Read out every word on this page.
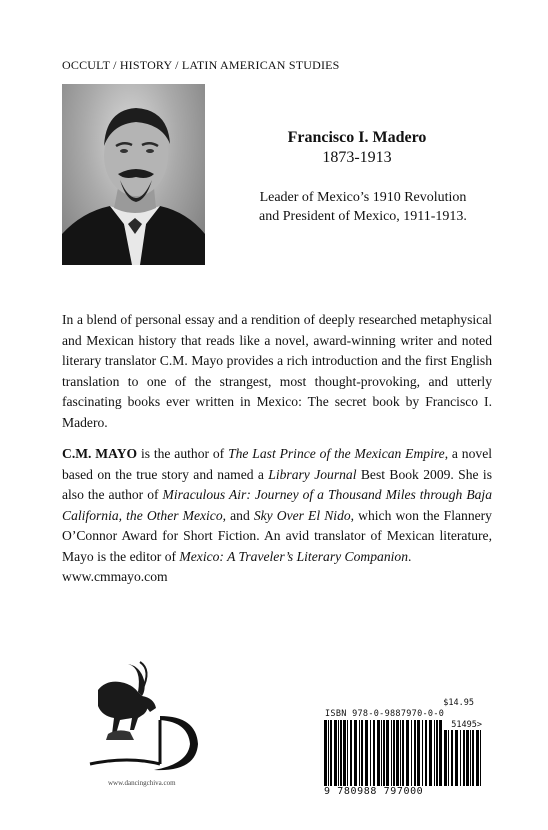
OCCULT / HISTORY / LATIN AMERICAN STUDIES
Francisco I. Madero
1873-1913
Leader of Mexico’s 1910 Revolution
and President of Mexico, 1911-1913.
In a blend of personal essay and a rendition of deeply researched metaphysical and Mexican history that reads like a novel, award-winning writer and noted literary translator C.M. Mayo provides a rich introduction and the first English translation to one of the strangest, most thought-provoking, and utterly fascinating books ever written in Mexico: The secret book by Francisco I. Madero.
C.M. MAYO is the author of The Last Prince of the Mexican Empire, a novel based on the true story and named a Library Journal Best Book 2009. She is also the author of Miraculous Air: Journey of a Thousand Miles through Baja California, the Other Mexico, and Sky Over El Nido, which won the Flannery O’Connor Award for Short Fiction. An avid translator of Mexican literature, Mayo is the editor of Mexico: A Traveler’s Literary Companion.
www.cmmayo.com
www.dancingchiva.com
$14.95
ISBN 978-0-9887970-0-0
51495>
9 780988 797000
